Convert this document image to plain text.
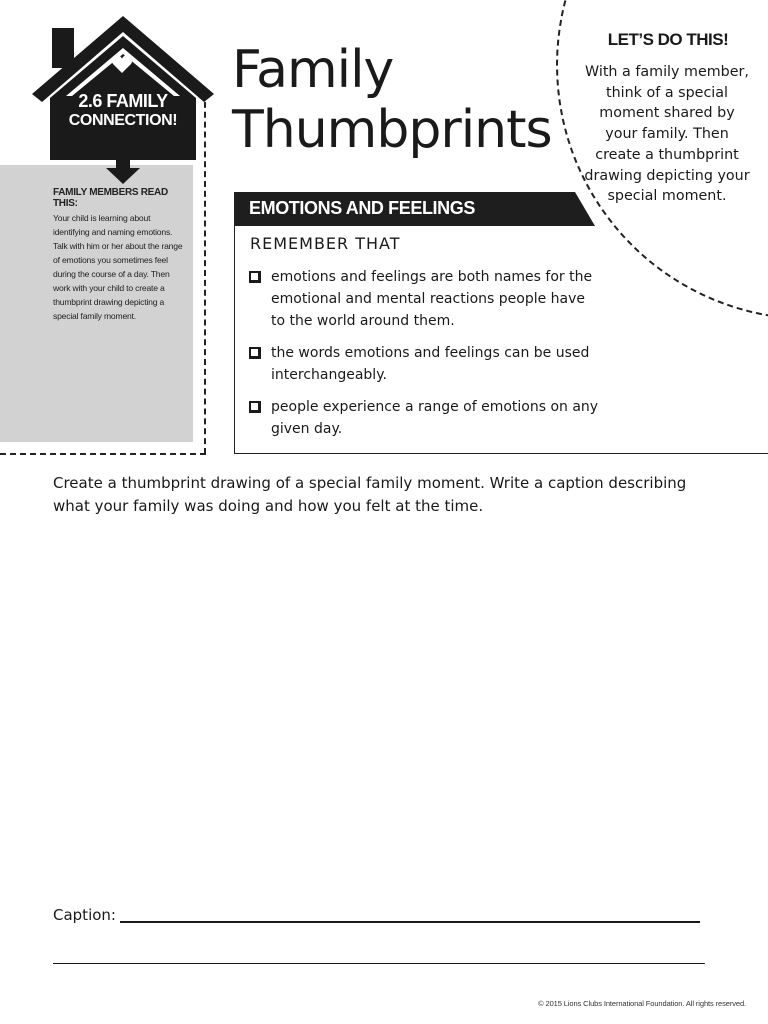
FAMILY MEMBERS READ THIS:
Your child is learning about identifying and naming emotions. Talk with him or her about the range of emotions you sometimes feel during the course of a day. Then work with your child to create a thumbprint drawing depicting a special family moment.
2.6 FAMILY
CONNECTION!
Family
Thumbprints
EMOTIONS AND FEELINGS
REMEMBER THAT
emotions and feelings are both names for the emotional and mental reactions people have to the world around them.
the words emotions and feelings can be used interchangeably.
people experience a range of emotions on any given day.
LET’S DO THIS!
With a family member, think of a special moment shared by your family. Then create a thumbprint drawing depicting your special moment.
Create a thumbprint drawing of a special family moment. Write a caption describing what your family was doing and how you felt at the time.
Caption:
© 2015 Lions Clubs International Foundation. All rights reserved.
